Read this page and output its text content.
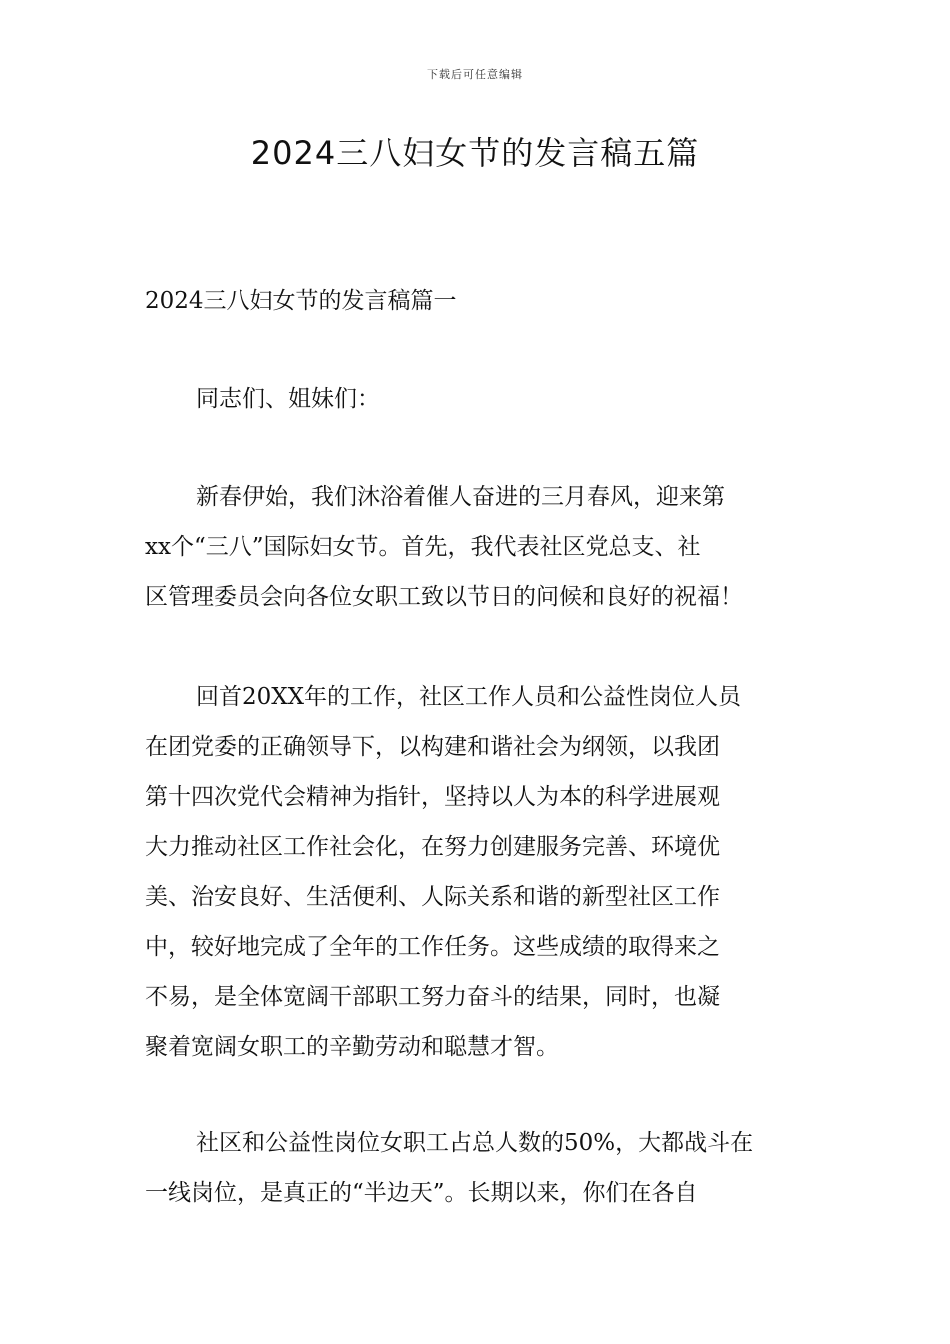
下载后可任意编辑
2024三八妇女节的发言稿五篇
2024三八妇女节的发言稿篇一

同志们、姐妹们：

新春伊始，我们沐浴着催人奋进的三月春风，迎来第
xx个“三八”国际妇女节。首先，我代表社区党总支、社
区管理委员会向各位女职工致以节日的问候和良好的祝福！
回首20XX年的工作，社区工作人员和公益性岗位人员
在团党委的正确领导下，以构建和谐社会为纲领，以我团
第十四次党代会精神为指针，坚持以人为本的科学进展观
大力推动社区工作社会化，在努力创建服务完善、环境优
美、治安良好、生活便利、人际关系和谐的新型社区工作
中，较好地完成了全年的工作任务。这些成绩的取得来之
不易，是全体宽阔干部职工努力奋斗的结果，同时，也凝
聚着宽阔女职工的辛勤劳动和聪慧才智。
社区和公益性岗位女职工占总人数的50%，大都战斗在
一线岗位，是真正的“半边天”。长期以来，你们在各自
